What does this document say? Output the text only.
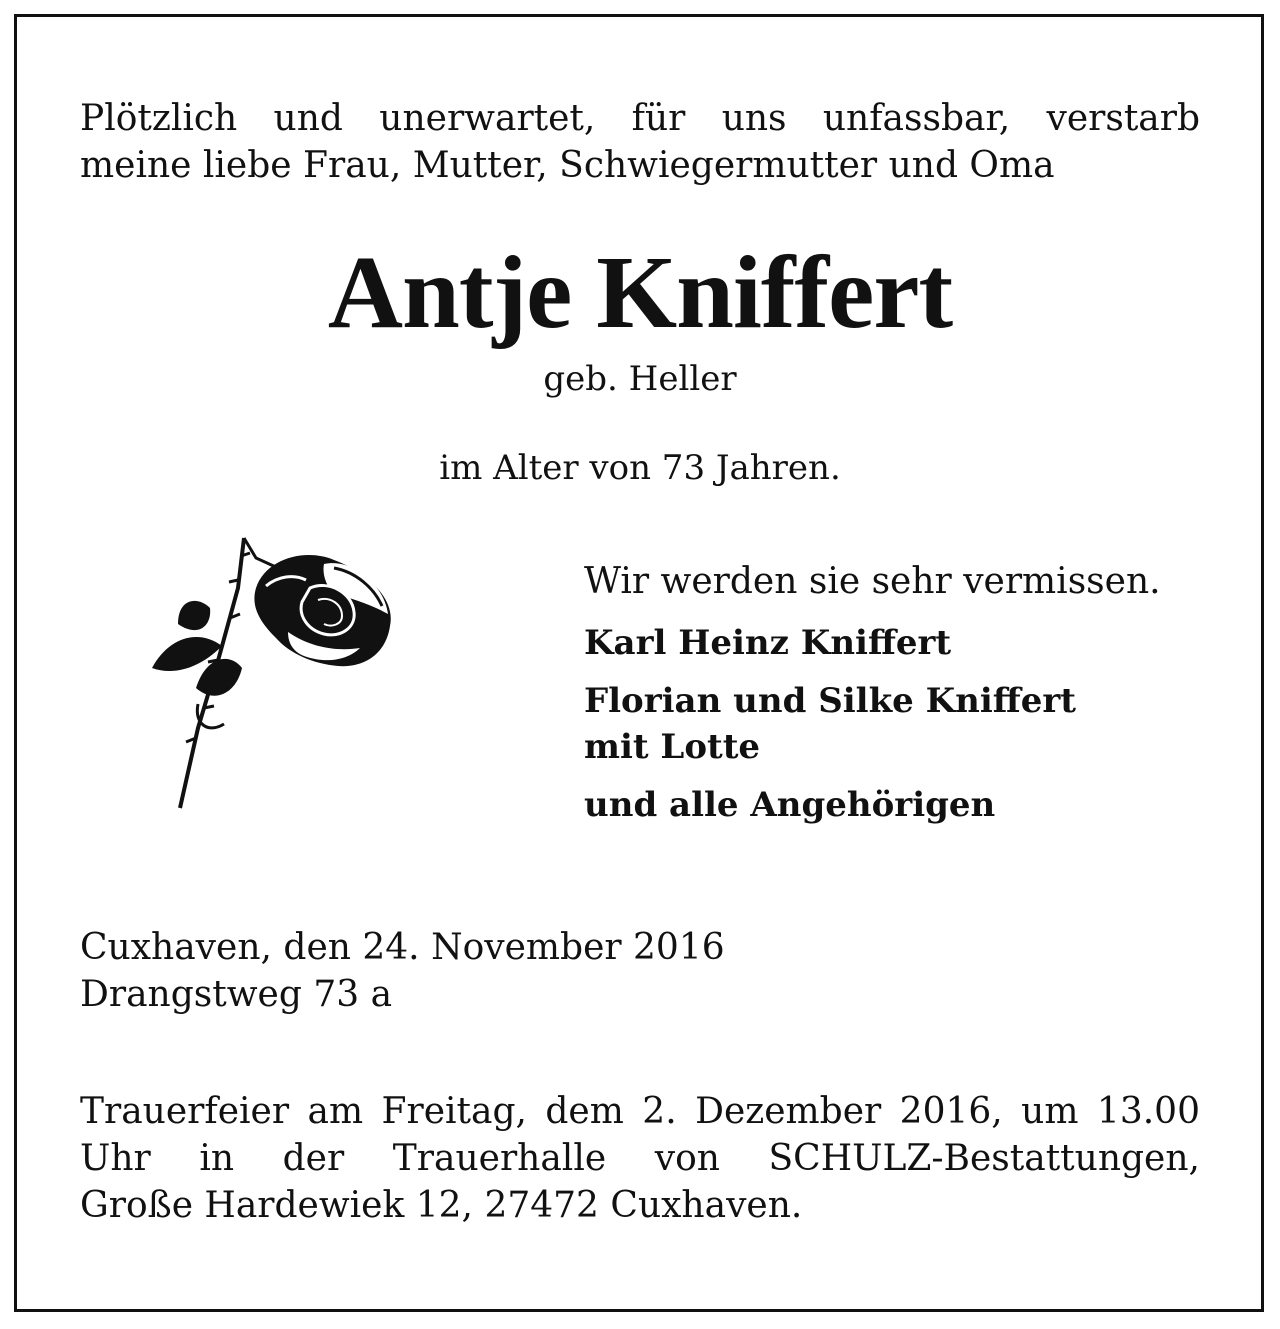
Plötzlich und unerwartet, für uns unfassbar, verstarb
meine liebe Frau, Mutter, Schwiegermutter und Oma
Antje Kniffert
geb. Heller
im Alter von 73 Jahren.
Wir werden sie sehr vermissen.
Karl Heinz Kniffert
Florian und Silke Kniffert
mit Lotte
und alle Angehörigen
Cuxhaven, den 24. November 2016
Drangstweg 73 a
Trauerfeier am Freitag, dem 2. Dezember 2016, um 13.00
Uhr in der Trauerhalle von SCHULZ-Bestattungen,
Große Hardewiek 12, 27472 Cuxhaven.
